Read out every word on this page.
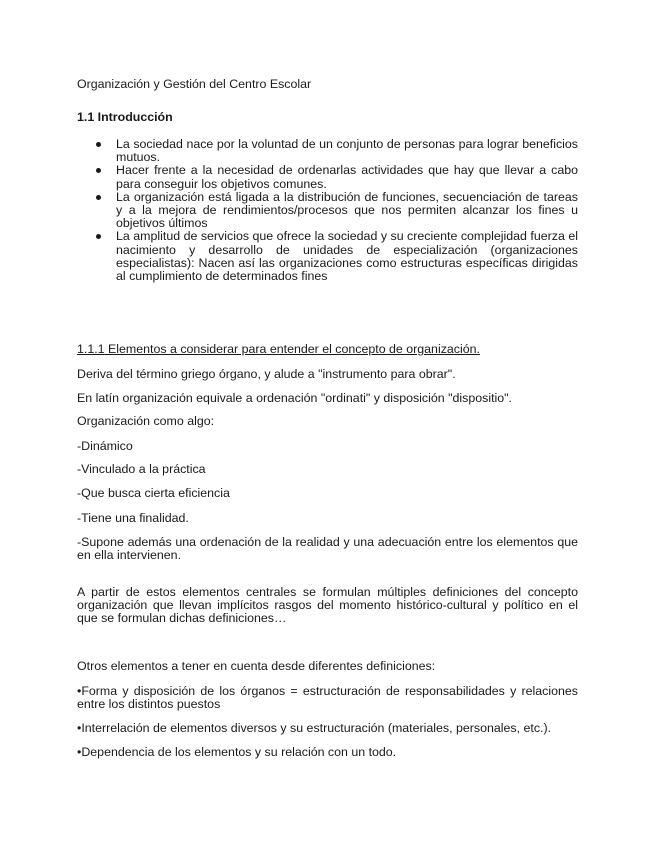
Organización y Gestión del Centro Escolar

1.1 Introducción

La sociedad nace por la voluntad de un conjunto de personas para lograr beneficios mutuos.
Hacer frente a la necesidad de ordenarlas actividades que hay que llevar a cabo para conseguir los objetivos comunes.
La organización está ligada a la distribución de funciones, secuenciación de tareas y a la mejora de rendimientos/procesos que nos permiten alcanzar los fines u objetivos últimos
La amplitud de servicios que ofrece la sociedad y su creciente complejidad fuerza el nacimiento y desarrollo de unidades de especialización (organizaciones especialistas): Nacen así las organizaciones como estructuras específicas dirigidas al cumplimiento de determinados fines

1.1.1 Elementos a considerar para entender el concepto de organización.

Deriva del término griego órgano, y alude a "instrumento para obrar".

En latín organización equivale a ordenación "ordinati" y disposición "dispositio".

Organización como algo:

-Dinámico

-Vinculado a la práctica

-Que busca cierta eficiencia

-Tiene una finalidad.

-Supone además una ordenación de la realidad y una adecuación entre los elementos que en ella intervienen.

A partir de estos elementos centrales se formulan múltiples definiciones del concepto organización que llevan implícitos rasgos del momento histórico-cultural y político en el que se formulan dichas definiciones…

Otros elementos a tener en cuenta desde diferentes definiciones:

•Forma y disposición de los órganos = estructuración de responsabilidades y relaciones entre los distintos puestos

•Interrelación de elementos diversos y su estructuración (materiales, personales, etc.).

•Dependencia de los elementos y su relación con un todo.
